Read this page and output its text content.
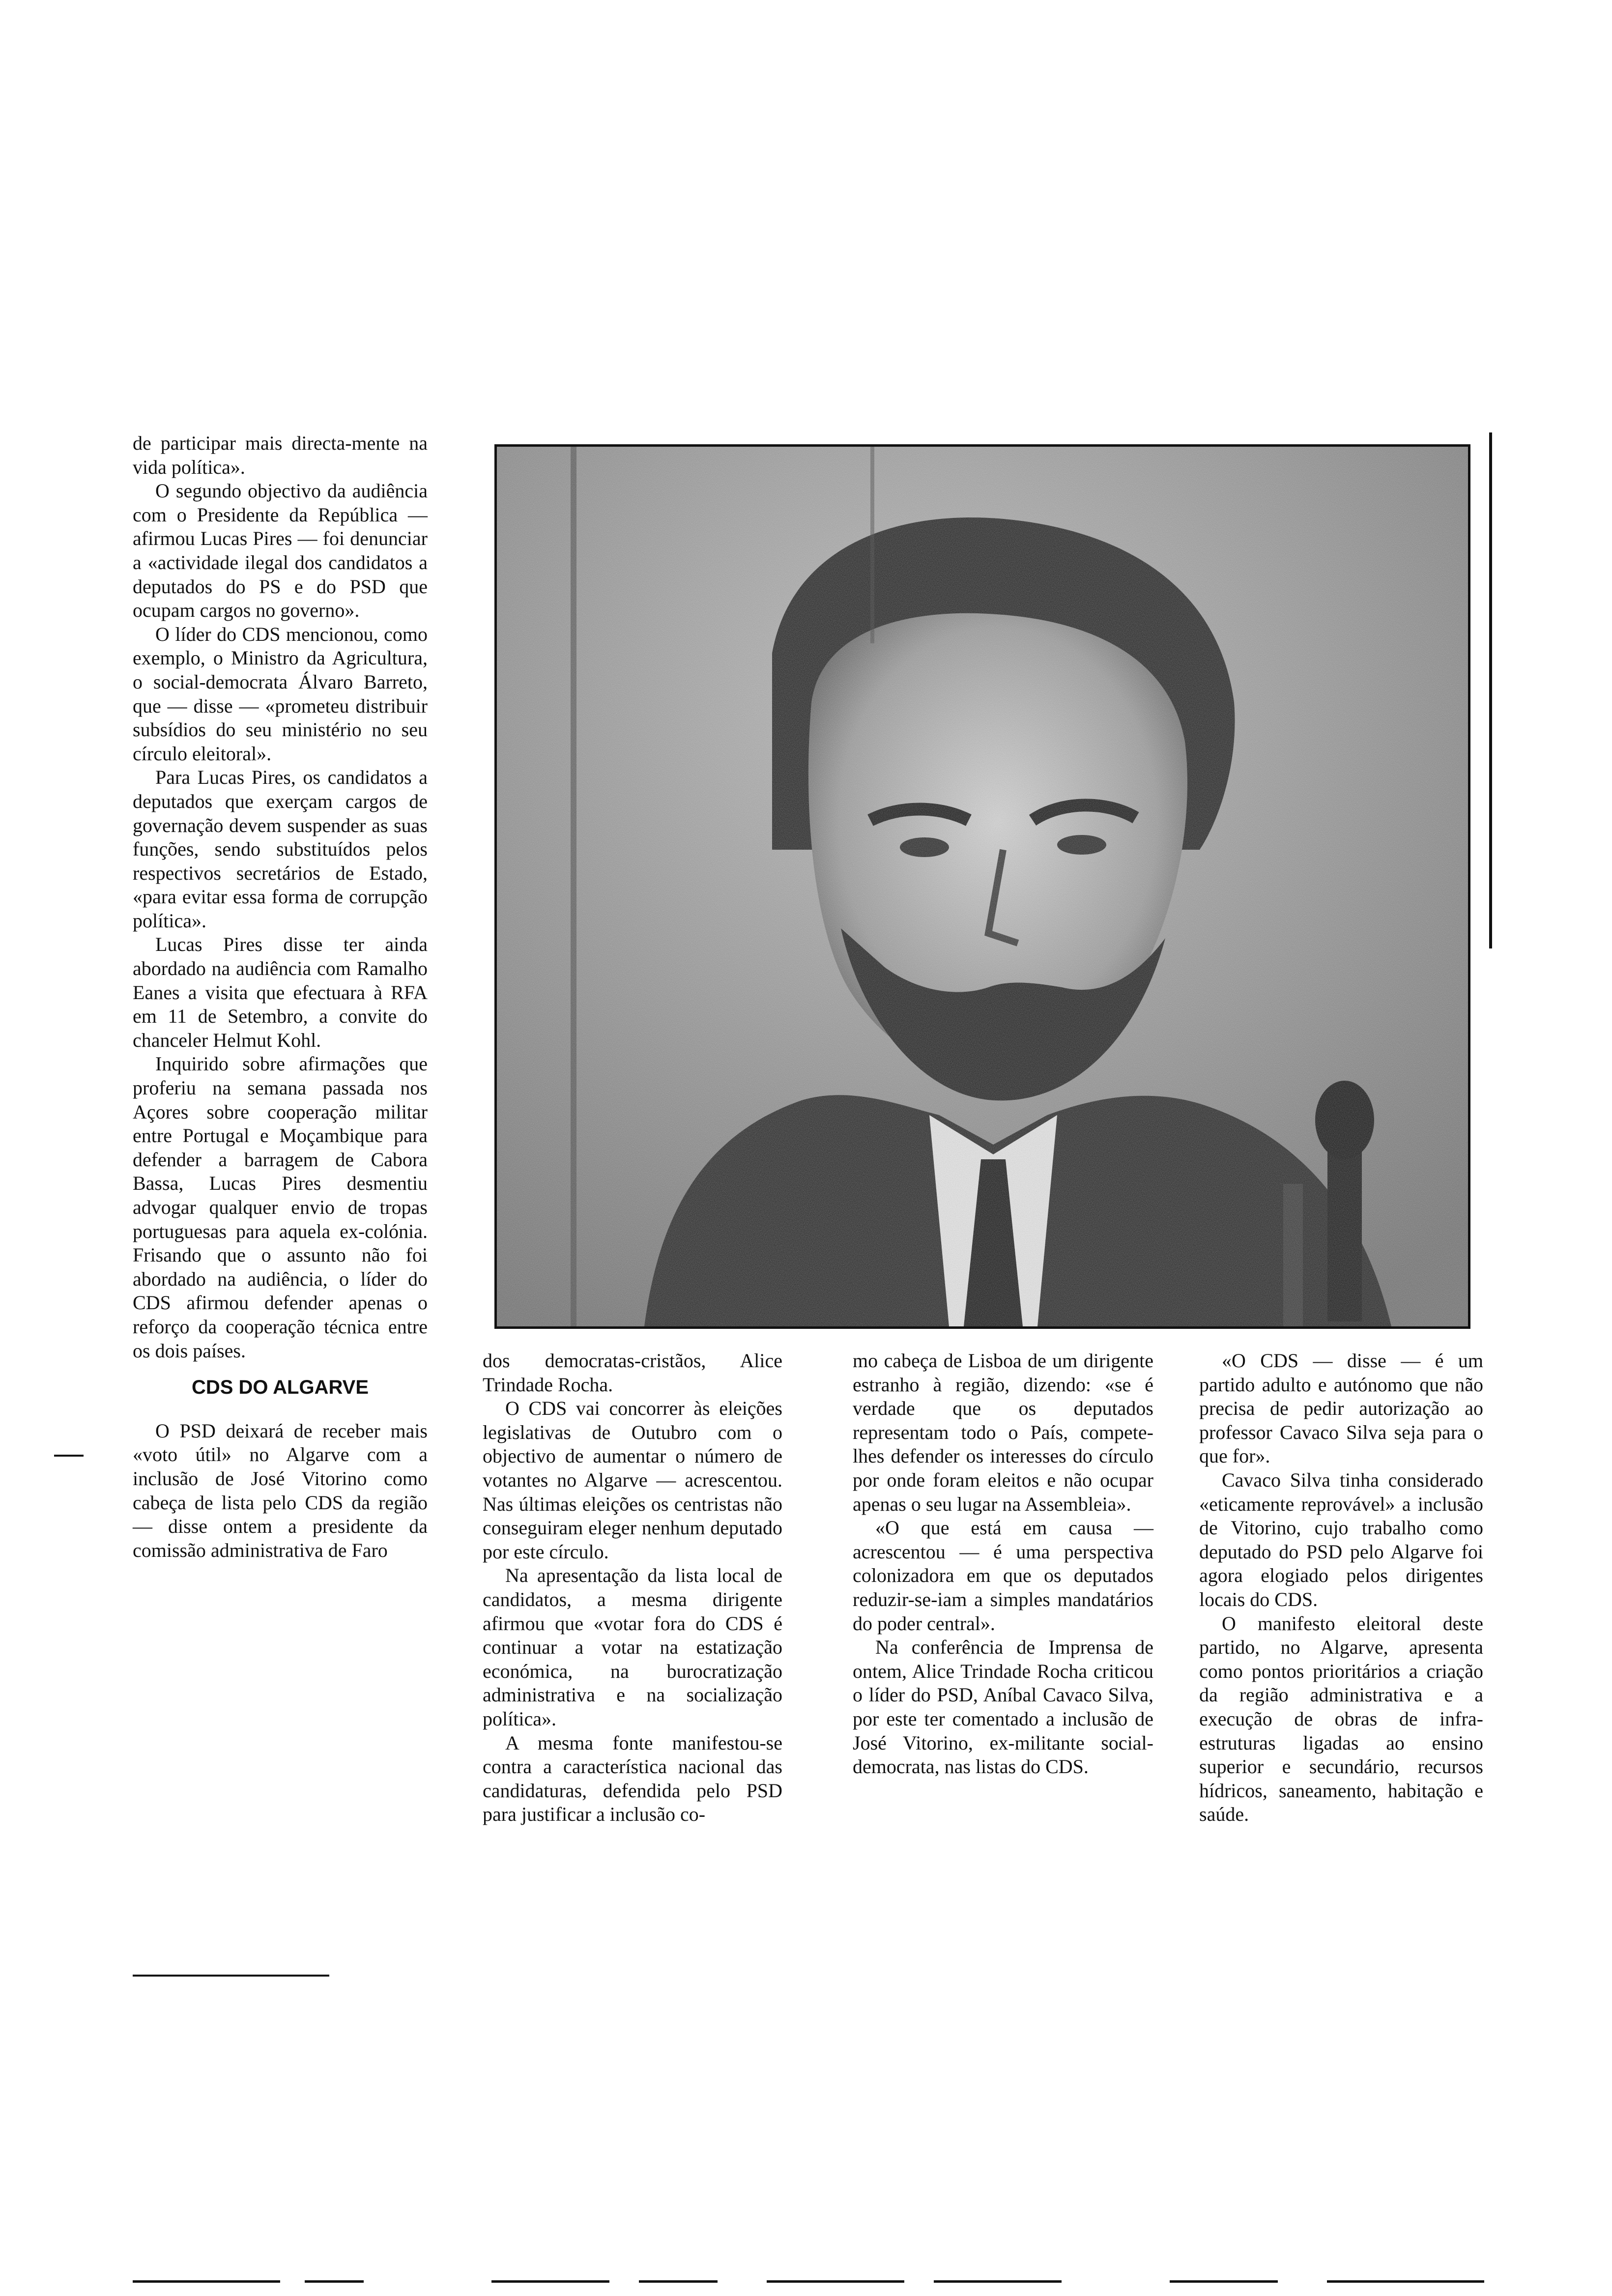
de participar mais directa-mente na vida política».

O segundo objectivo da audiência com o Presidente da República — afirmou Lucas Pires — foi denunciar a «actividade ilegal dos candidatos a deputados do PS e do PSD que ocupam cargos no governo».

O líder do CDS mencionou, como exemplo, o Ministro da Agricultura, o social-democrata Álvaro Barreto, que — disse — «prometeu distribuir subsídios do seu ministério no seu círculo eleitoral».

Para Lucas Pires, os candidatos a deputados que exerçam cargos de governação devem suspender as suas funções, sendo substituídos pelos respectivos secretários de Estado, «para evitar essa forma de corrupção política».

Lucas Pires disse ter ainda abordado na audiência com Ramalho Eanes a visita que efectuara à RFA em 11 de Setembro, a convite do chanceler Helmut Kohl.

Inquirido sobre afirmações que proferiu na semana passada nos Açores sobre cooperação militar entre Portugal e Moçambique para defender a barragem de Cabora Bassa, Lucas Pires desmentiu advogar qualquer envio de tropas portuguesas para aquela ex-colónia. Frisando que o assunto não foi abordado na audiência, o líder do CDS afirmou defender apenas o reforço da cooperação técnica entre os dois países.

CDS DO ALGARVE

O PSD deixará de receber mais «voto útil» no Algarve com a inclusão de José Vitorino como cabeça de lista pelo CDS da região — disse ontem a presidente da comissão administrativa de Faro

dos democratas-cristãos, Alice Trindade Rocha.

O CDS vai concorrer às eleições legislativas de Outubro com o objectivo de aumentar o número de votantes no Algarve — acrescentou. Nas últimas eleições os centristas não conseguiram eleger nenhum deputado por este círculo.

Na apresentação da lista local de candidatos, a mesma dirigente afirmou que «votar fora do CDS é continuar a votar na estatização económica, na burocratização administrativa e na socialização política».

A mesma fonte manifestou-se contra a característica nacional das candidaturas, defendida pelo PSD para justificar a inclusão co-

mo cabeça de Lisboa de um dirigente estranho à região, dizendo: «se é verdade que os deputados representam todo o País, compete-lhes defender os interesses do círculo por onde foram eleitos e não ocupar apenas o seu lugar na Assembleia».

«O que está em causa — acrescentou — é uma perspectiva colonizadora em que os deputados reduzir-se-iam a simples mandatários do poder central».

Na conferência de Imprensa de ontem, Alice Trindade Rocha criticou o líder do PSD, Aníbal Cavaco Silva, por este ter comentado a inclusão de José Vitorino, ex-militante social-democrata, nas listas do CDS.

«O CDS — disse — é um partido adulto e autónomo que não precisa de pedir autorização ao professor Cavaco Silva seja para o que for».

Cavaco Silva tinha considerado «eticamente reprovável» a inclusão de Vitorino, cujo trabalho como deputado do PSD pelo Algarve foi agora elogiado pelos dirigentes locais do CDS.

O manifesto eleitoral deste partido, no Algarve, apresenta como pontos prioritários a criação da região administrativa e a execução de obras de infra-estruturas ligadas ao ensino superior e secundário, recursos hídricos, saneamento, habitação e saúde.
